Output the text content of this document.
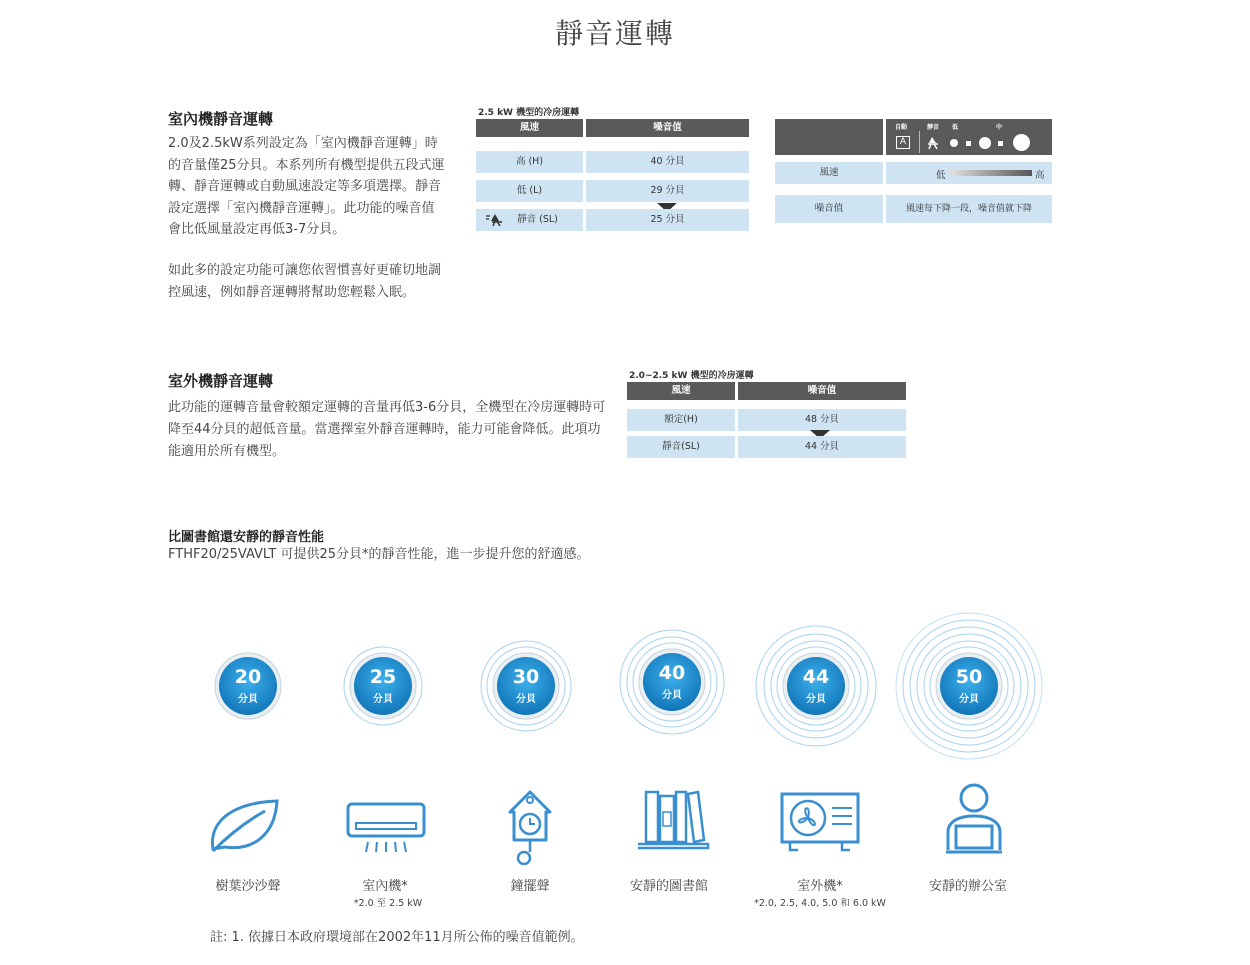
靜音運轉
室內機靜音運轉
2.0及2.5kW系列設定為「室內機靜音運轉」時的音量僅25分貝。本系列所有機型提供五段式運轉、靜音運轉或自動風速設定等多項選擇。靜音設定選擇「室內機靜音運轉」。此功能的噪音值會比低風量設定再低3-7分貝。
如此多的設定功能可讓您依習慣喜好更確切地調控風速，例如靜音運轉將幫助您輕鬆入眠。
2.5 kW 機型的冷房運轉
風速	噪音值
高 (H)	40 分貝
低 (L)	29 分貝
靜音 (SL)	25 分貝
自動	靜音 低	中
A
風速	低	高
噪音值	風速每下降一段，噪音值就下降
室外機靜音運轉
此功能的運轉音量會較額定運轉的音量再低3-6分貝，全機型在冷房運轉時可降至44分貝的超低音量。當選擇室外靜音運轉時，能力可能會降低。此項功能適用於所有機型。
2.0~2.5 kW 機型的冷房運轉
風速	噪音值
額定(H)	48 分貝
靜音(SL)	44 分貝
比圖書館還安靜的靜音性能
FTHF20/25VAVLT 可提供25分貝*的靜音性能，進一步提升您的舒適感。
20
分貝
25
分貝
30
分貝
40
分貝
44
分貝
50
分貝
樹葉沙沙聲	室內機*
*2.0 至 2.5 kW
鐘擺聲	安靜的圖書館	室外機*
*2.0, 2.5, 4.0, 5.0 和 6.0 kW
安靜的辦公室
註: 1. 依據日本政府環境部在2002年11月所公佈的噪音值範例。
